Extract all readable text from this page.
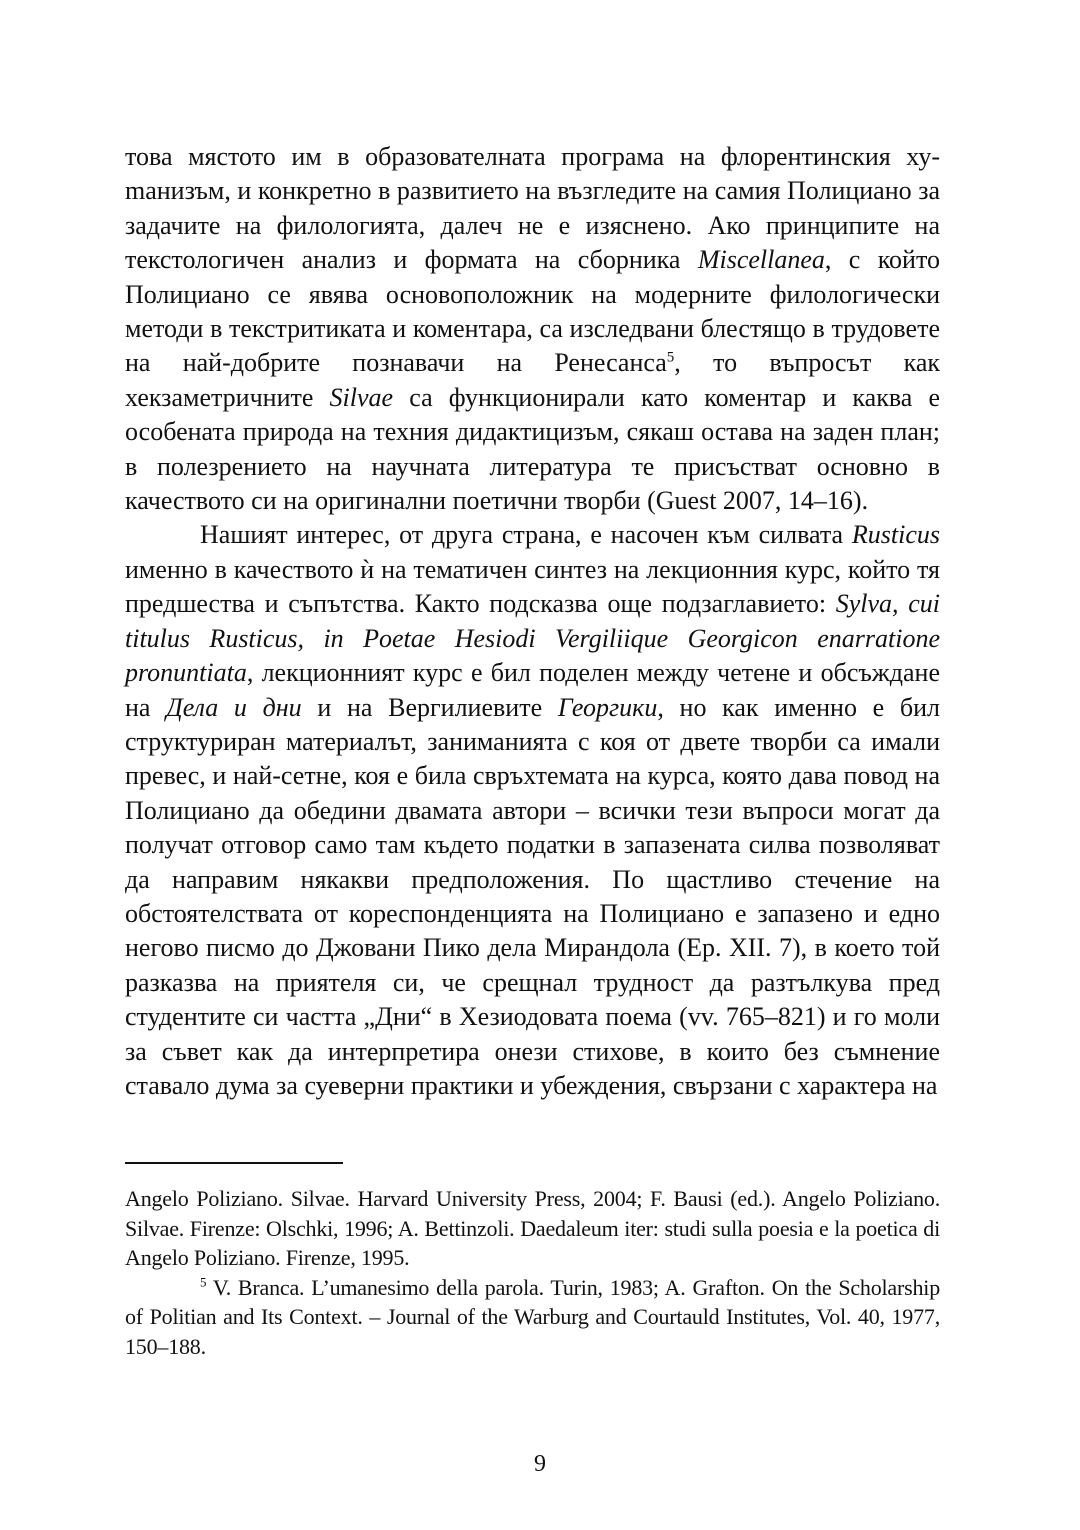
това мястото им в образователната програма на флорентинския хуmанизъм, и конкретно в развитието на възгледите на самия Полициано за задачите на филологията, далеч не е изяснено. Ако принципите на текстологичен анализ и формата на сборника Miscellanea, с който Полициано се явява основоположник на модерните филологически методи в текстритиката и коментара, са изследвани блестящо в трудовете на най-добрите познавачи на Ренесанса$^5$, то въпросът как хекзаметричните Silvae са функционирали като коментар и каква е особената природа на техния дидактицизъм, сякаш остава на заден план; в полезрението на научната литература те присъстват основно в качеството си на оригинални поетични творби (Guest 2007, 14–16).

Нашият интерес, от друга страна, е насочен към силвата Rusticus именно в качеството ѝ на тематичен синтез на лекционния курс, който тя предшества и съпътства. Както подсказва още подзаглавието: Sylva, cui titulus Rusticus, in Poetae Hesiodi Vergiliique Georgicon enarratione pronuntiata, лекционният курс е бил поделен между четене и обсъждане на Дела и дни и на Вергилиевите Георгики, но как именно е бил структуриран материалът, заниманията с коя от двете творби са имали превес, и най-сетне, коя е била свръхтемата на курса, която дава повод на Полициано да обедини двамата автори – всички тези въпроси могат да получат отговор само там където податки в запазената силва позволяват да направим някакви предположения. По щастливо стечение на обстоятелствата от кореспонденцията на Полициано е запазено и едно негово писмо до Джовани Пико дела Мирандола (Ep. XII. 7), в което той разказва на приятеля си, че срещнал трудност да разтълкува пред студентите си частта „Дни“ в Хезиодовата поема (vv. 765–821) и го моли за съвет как да интерпретира онези стихове, в които без съмнение ставало дума за суеверни практики и убеждения, свързани с характера на

Angelo Poliziano. Silvae. Harvard University Press, 2004; F. Bausi (ed.). Angelo Poliziano. Silvae. Firenze: Olschki, 1996; A. Bettinzoli. Daedaleum iter: studi sulla poesia e la poetica di Angelo Poliziano. Firenze, 1995.

$^5$ V. Branca. L’umanesimo della parola. Turin, 1983; A. Grafton. On the Scholarship of Politian and Its Context. – Journal of the Warburg and Courtauld Institutes, Vol. 40, 1977, 150–188.

9
